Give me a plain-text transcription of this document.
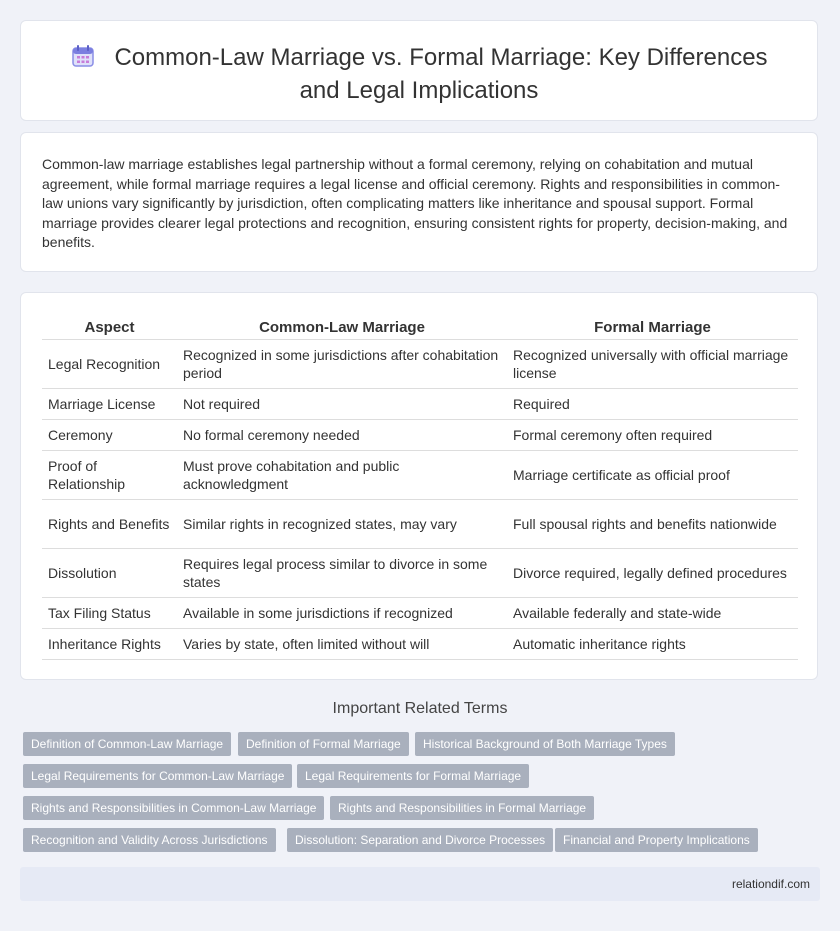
Common-Law Marriage vs. Formal Marriage: Key Differences and Legal Implications

Common-law marriage establishes legal partnership without a formal ceremony, relying on cohabitation and mutual agreement, while formal marriage requires a legal license and official ceremony. Rights and responsibilities in common-law unions vary significantly by jurisdiction, often complicating matters like inheritance and spousal support. Formal marriage provides clearer legal protections and recognition, ensuring consistent rights for property, decision-making, and benefits.

Aspect	Common-Law Marriage	Formal Marriage
Legal Recognition	Recognized in some jurisdictions after cohabitation period	Recognized universally with official marriage license
Marriage License	Not required	Required
Ceremony	No formal ceremony needed	Formal ceremony often required
Proof of Relationship	Must prove cohabitation and public acknowledgment	Marriage certificate as official proof
Rights and Benefits	Similar rights in recognized states, may vary	Full spousal rights and benefits nationwide
Dissolution	Requires legal process similar to divorce in some states	Divorce required, legally defined procedures
Tax Filing Status	Available in some jurisdictions if recognized	Available federally and state-wide
Inheritance Rights	Varies by state, often limited without will	Automatic inheritance rights
Important Related Terms
Definition of Common-Law Marriage	Definition of Formal Marriage	Historical Background of Both Marriage Types
Legal Requirements for Common-Law Marriage	Legal Requirements for Formal Marriage
Rights and Responsibilities in Common-Law Marriage	Rights and Responsibilities in Formal Marriage
Recognition and Validity Across Jurisdictions	Dissolution: Separation and Divorce Processes	Financial and Property Implications
relationdif.com
